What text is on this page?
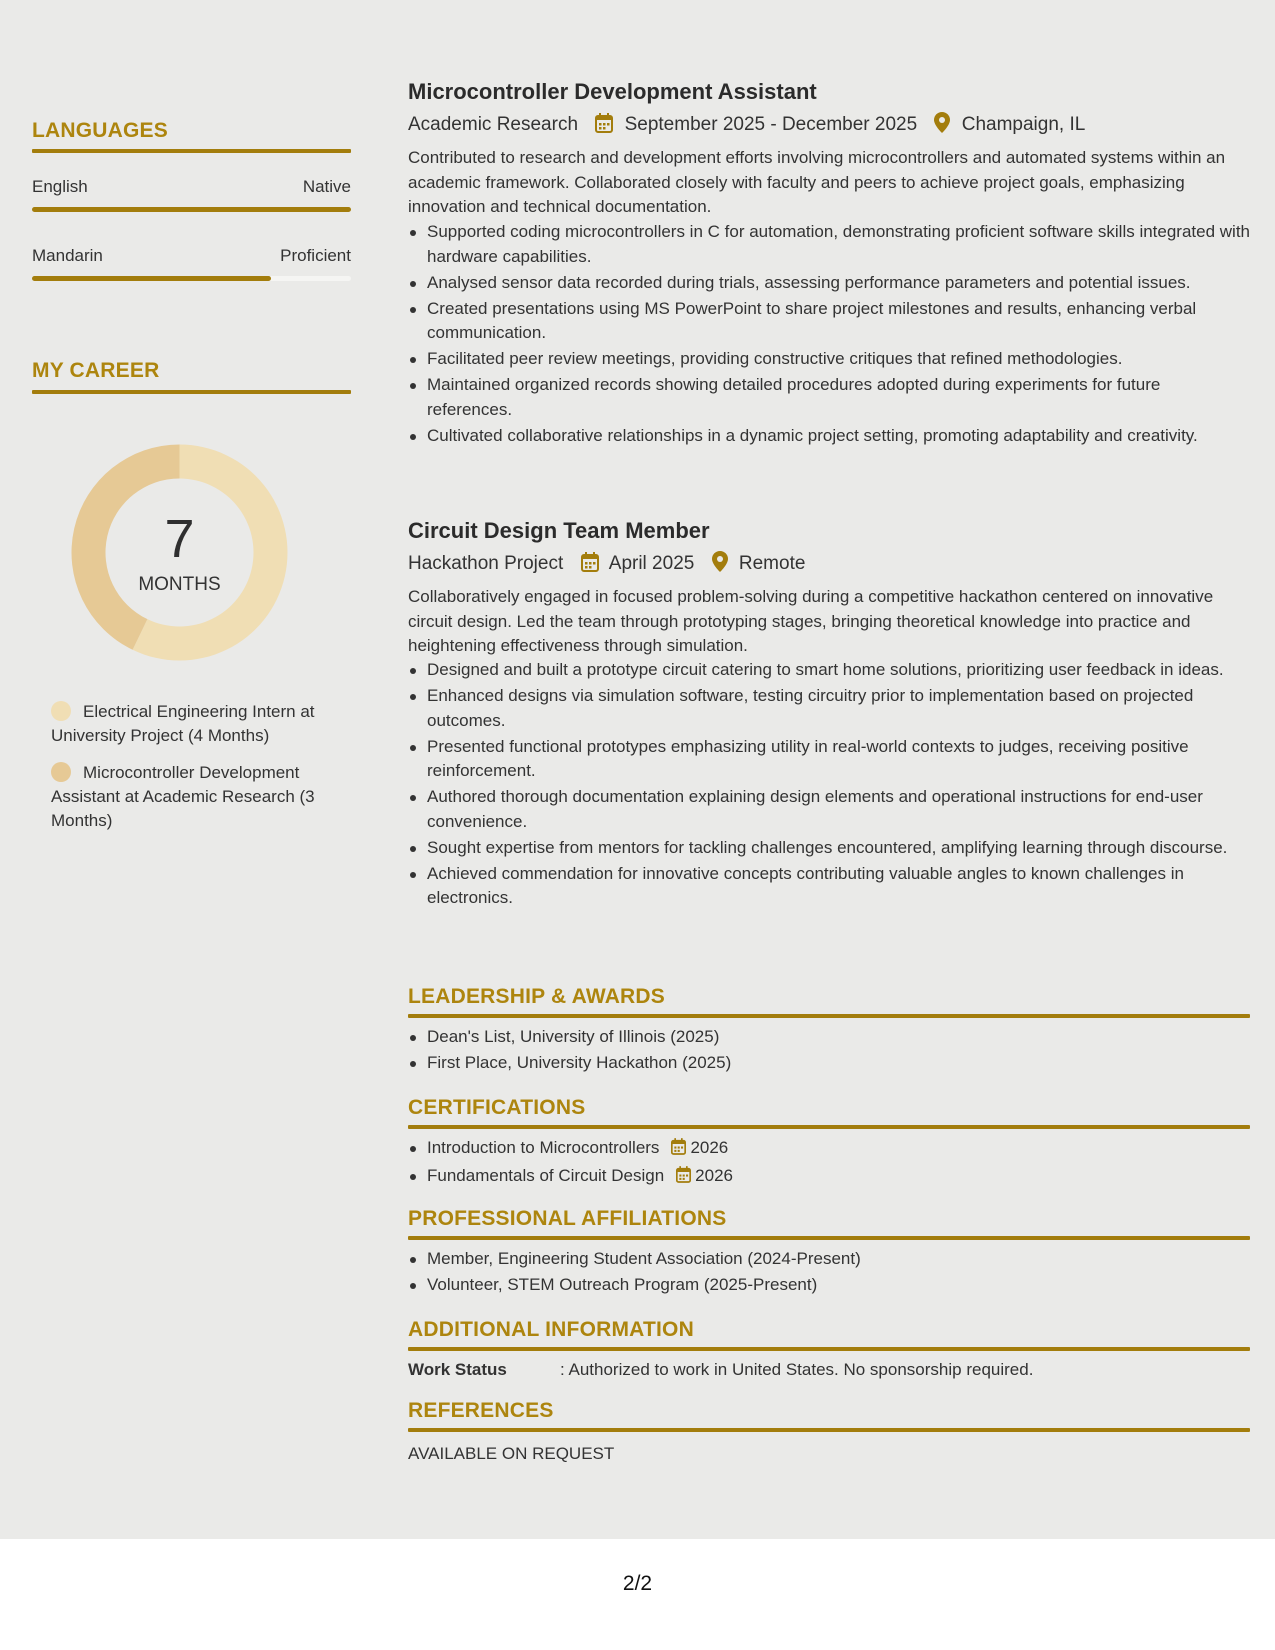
LANGUAGES
English	Native
Mandarin	Proficient
MY CAREER
7
MONTHS
Electrical Engineering Intern at University Project (4 Months)
Microcontroller Development Assistant at Academic Research (3 Months)
Microcontroller Development Assistant
Academic Research September 2025 - December 2025 Champaign, IL
Contributed to research and development efforts involving microcontrollers and automated systems within an academic framework. Collaborated closely with faculty and peers to achieve project goals, emphasizing innovation and technical documentation.
Supported coding microcontrollers in C for automation, demonstrating proficient software skills integrated with hardware capabilities.
Analysed sensor data recorded during trials, assessing performance parameters and potential issues.
Created presentations using MS PowerPoint to share project milestones and results, enhancing verbal communication.
Facilitated peer review meetings, providing constructive critiques that refined methodologies.
Maintained organized records showing detailed procedures adopted during experiments for future references.
Cultivated collaborative relationships in a dynamic project setting, promoting adaptability and creativity.
Circuit Design Team Member
Hackathon Project April 2025 Remote
Collaboratively engaged in focused problem-solving during a competitive hackathon centered on innovative circuit design. Led the team through prototyping stages, bringing theoretical knowledge into practice and heightening effectiveness through simulation.
Designed and built a prototype circuit catering to smart home solutions, prioritizing user feedback in ideas.
Enhanced designs via simulation software, testing circuitry prior to implementation based on projected outcomes.
Presented functional prototypes emphasizing utility in real-world contexts to judges, receiving positive reinforcement.
Authored thorough documentation explaining design elements and operational instructions for end-user convenience.
Sought expertise from mentors for tackling challenges encountered, amplifying learning through discourse.
Achieved commendation for innovative concepts contributing valuable angles to known challenges in electronics.
LEADERSHIP & AWARDS
Dean's List, University of Illinois (2025)
First Place, University Hackathon (2025)
CERTIFICATIONS
Introduction to Microcontrollers 2026
Fundamentals of Circuit Design 2026
PROFESSIONAL AFFILIATIONS
Member, Engineering Student Association (2024-Present)
Volunteer, STEM Outreach Program (2025-Present)
ADDITIONAL INFORMATION
Work Status	: Authorized to work in United States. No sponsorship required.
REFERENCES
AVAILABLE ON REQUEST
2/2
